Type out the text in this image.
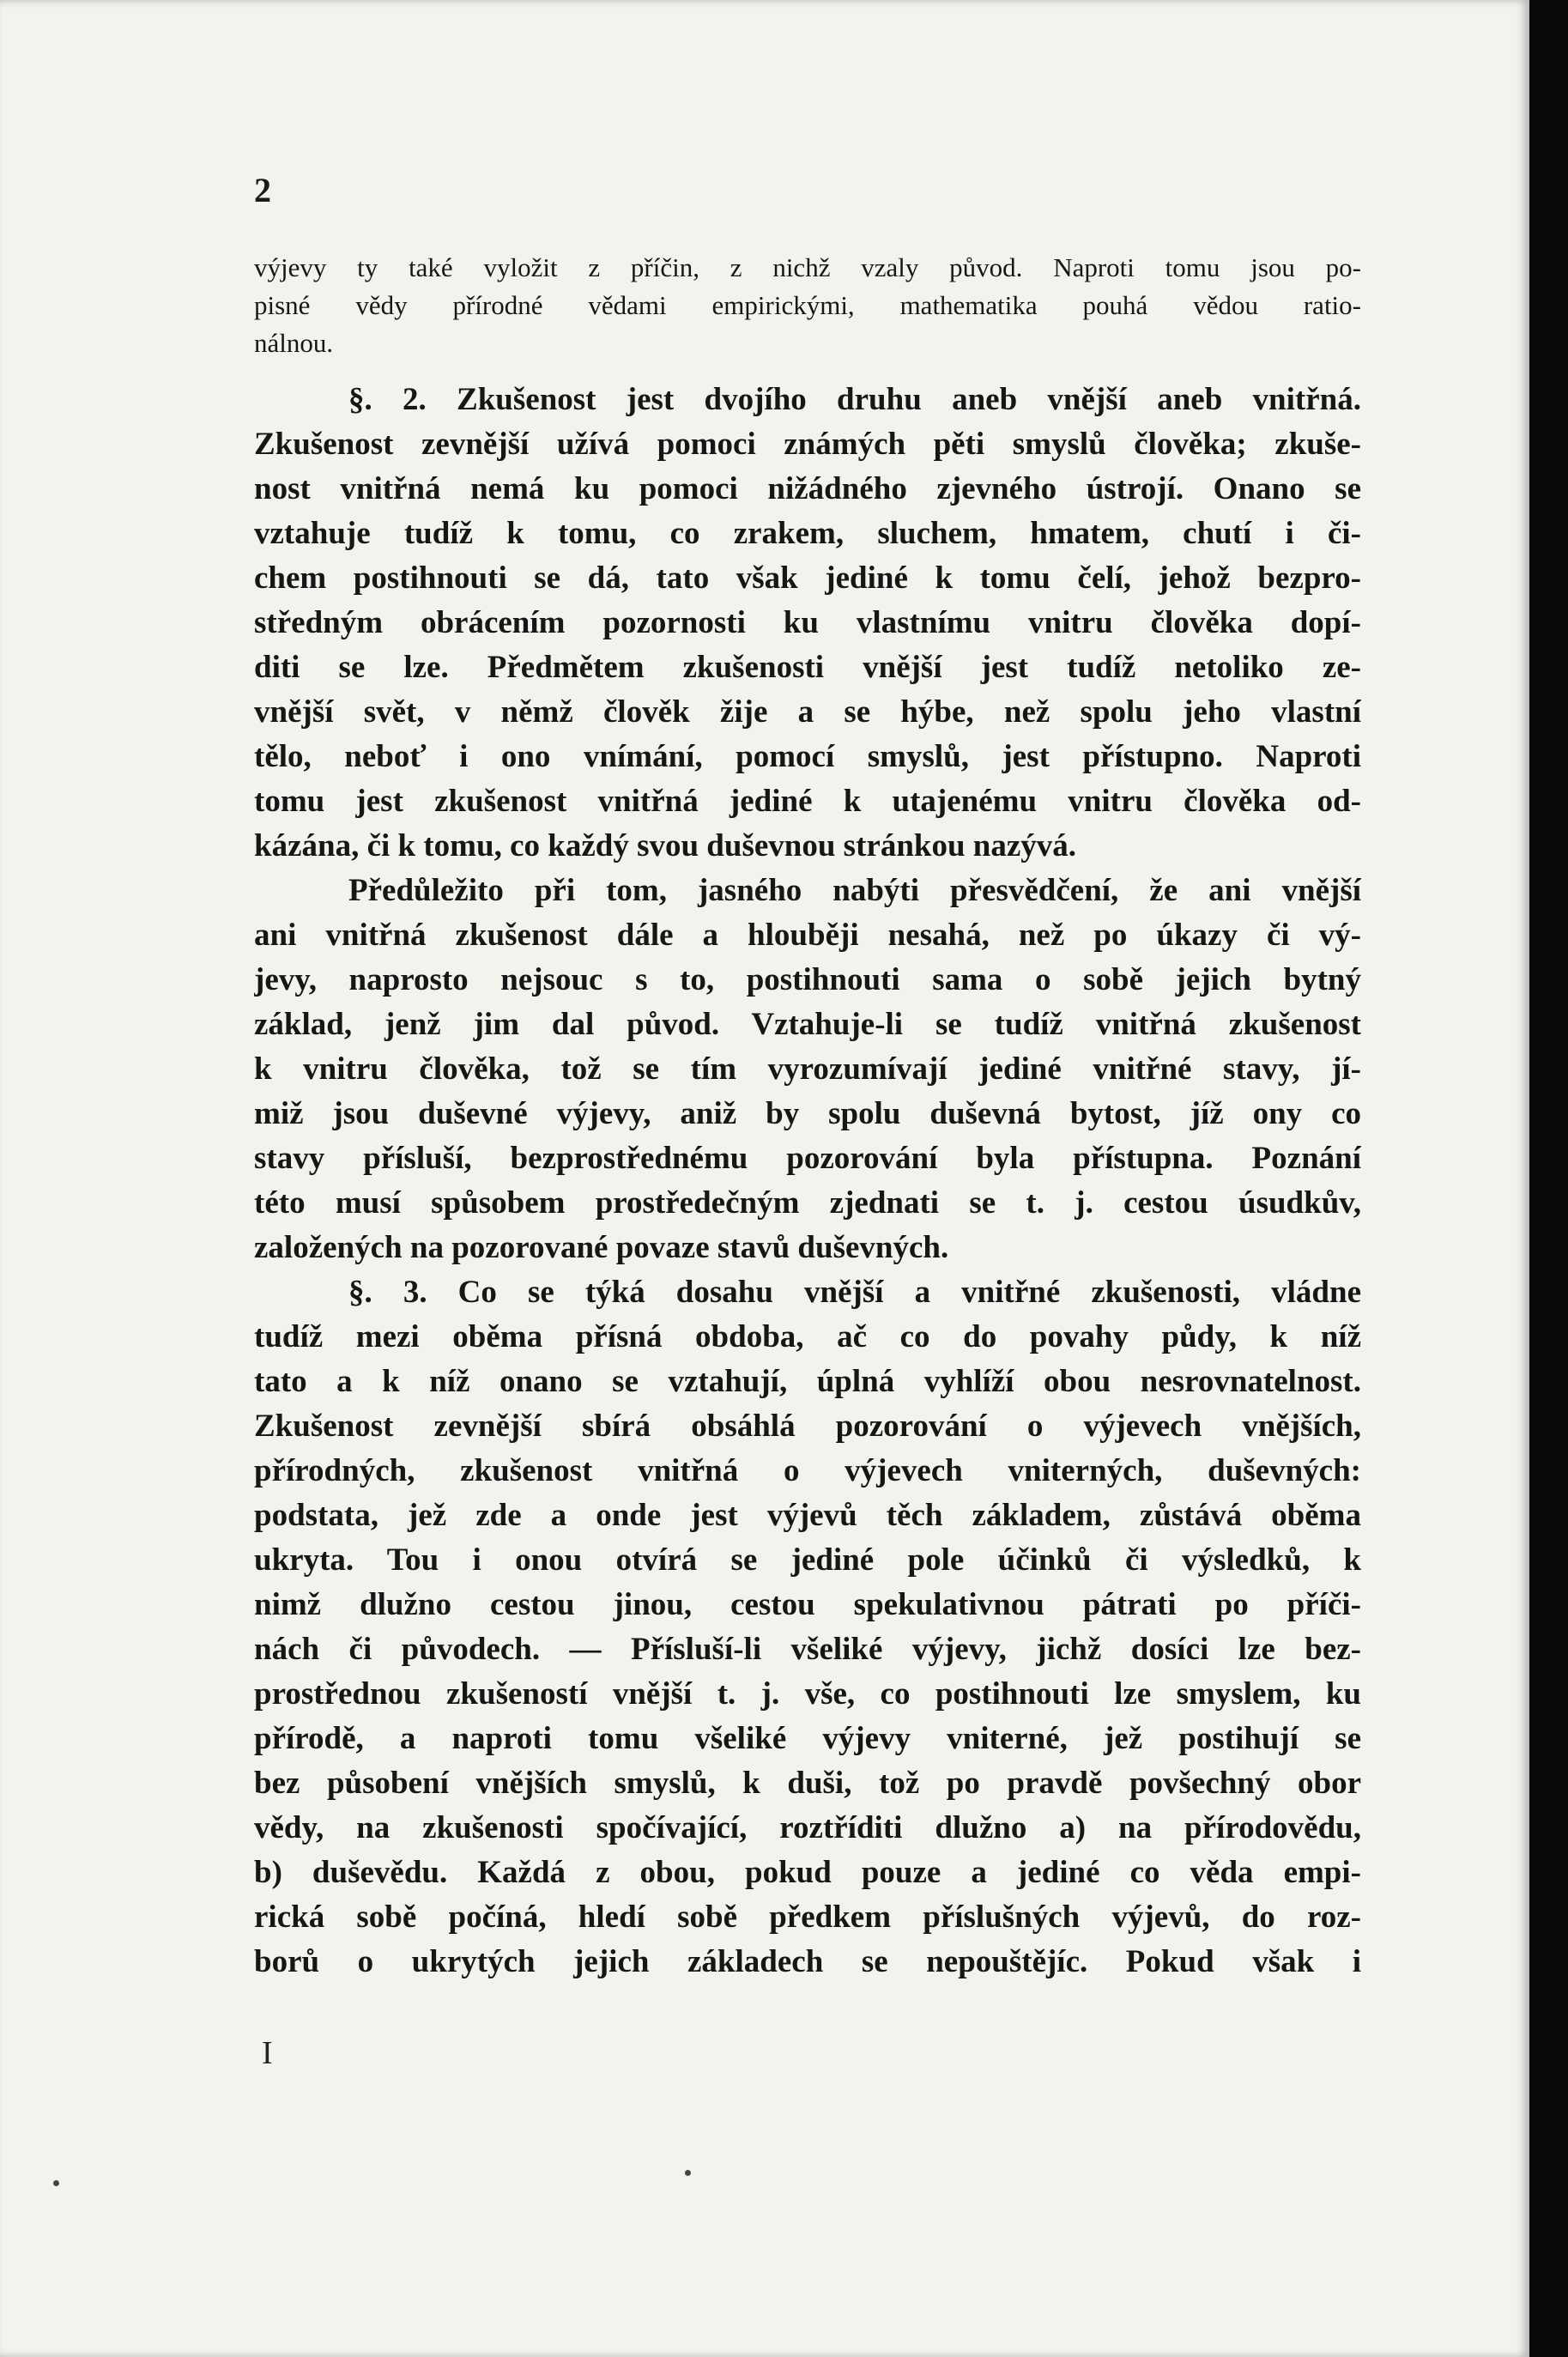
2
výjevy ty také vyložit z příčin, z nichž vzaly původ. Naproti tomu jsou po-
pisné vědy přírodné vědami empirickými, mathematika pouhá vědou ratio-
nálnou.
§. 2. Zkušenost jest dvojího druhu aneb vnější aneb vnitřná.
Zkušenost zevnější užívá pomoci známých pěti smyslů člověka; zkuše-
nost vnitřná nemá ku pomoci nižádného zjevného ústrojí. Onano se
vztahuje tudíž k tomu, co zrakem, sluchem, hmatem, chutí i či-
chem postihnouti se dá, tato však jediné k tomu čelí, jehož bezpro-
středným obrácením pozornosti ku vlastnímu vnitru člověka dopí-
diti se lze. Předmětem zkušenosti vnější jest tudíž netoliko ze-
vnější svět, v němž člověk žije a se hýbe, než spolu jeho vlastní
tělo, neboť i ono vnímání, pomocí smyslů, jest přístupno. Naproti
tomu jest zkušenost vnitřná jediné k utajenému vnitru člověka od-
kázána, či k tomu, co každý svou duševnou stránkou nazývá.
Předůležito při tom, jasného nabýti přesvědčení, že ani vnější
ani vnitřná zkušenost dále a hlouběji nesahá, než po úkazy či vý-
jevy, naprosto nejsouc s to, postihnouti sama o sobě jejich bytný
základ, jenž jim dal původ. Vztahuje-li se tudíž vnitřná zkušenost
k vnitru člověka, tož se tím vyrozumívají jediné vnitřné stavy, jí-
miž jsou duševné výjevy, aniž by spolu duševná bytost, jíž ony co
stavy přísluší, bezprostřednému pozorování byla přístupna. Poznání
této musí spůsobem prostředečným zjednati se t. j. cestou úsudkův,
založených na pozorované povaze stavů duševných.
§. 3. Co se týká dosahu vnější a vnitřné zkušenosti, vládne
tudíž mezi oběma přísná obdoba, ač co do povahy půdy, k níž
tato a k níž onano se vztahují, úplná vyhlíží obou nesrovnatelnost.
Zkušenost zevnější sbírá obsáhlá pozorování o výjevech vnějších,
přírodných, zkušenost vnitřná o výjevech vniterných, duševných:
podstata, jež zde a onde jest výjevů těch základem, zůstává oběma
ukryta. Tou i onou otvírá se jediné pole účinků či výsledků, k
nimž dlužno cestou jinou, cestou spekulativnou pátrati po příči-
nách či původech. — Přísluší-li všeliké výjevy, jichž dosíci lze bez-
prostřednou zkušeností vnější t. j. vše, co postihnouti lze smyslem, ku
přírodě, a naproti tomu všeliké výjevy vniterné, jež postihují se
bez působení vnějších smyslů, k duši, tož po pravdě povšechný obor
vědy, na zkušenosti spočívající, roztříditi dlužno a) na přírodovědu,
b) duševědu. Každá z obou, pokud pouze a jediné co věda empi-
rická sobě počíná, hledí sobě předkem příslušných výjevů, do roz-
borů o ukrytých jejich základech se nepouštějíc. Pokud však i
I
